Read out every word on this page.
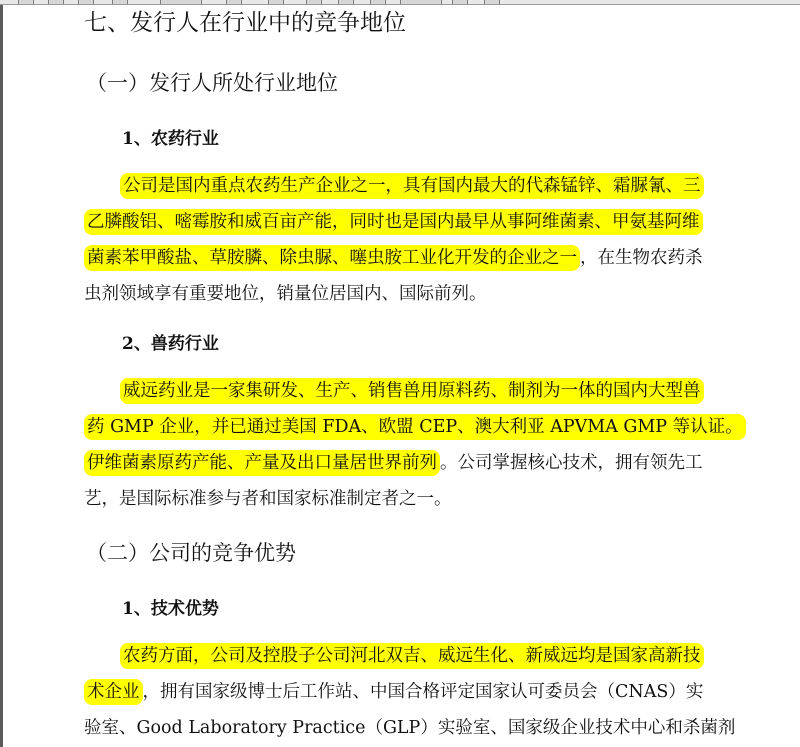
七、发行人在行业中的竞争地位
（一）发行人所处行业地位
1、农药行业
公司是国内重点农药生产企业之一，具有国内最大的代森锰锌、霜脲氰、三
乙膦酸铝、嘧霉胺和威百亩产能，同时也是国内最早从事阿维菌素、甲氨基阿维
菌素苯甲酸盐、草胺膦、除虫脲、噻虫胺工业化开发的企业之一 ，在生物农药杀
虫剂领域享有重要地位，销量位居国内、国际前列。
2、兽药行业
威远药业是一家集研发、生产、销售兽用原料药、制剂为一体的国内大型兽
药 GMP 企业，并已通过美国 FDA、欧盟 CEP、澳大利亚 APVMA GMP 等认证。
伊维菌素原药产能、产量及出口量居世界前列 。公司掌握核心技术，拥有领先工
艺，是国际标准参与者和国家标准制定者之一。
（二）公司的竞争优势
1、技术优势
农药方面，公司及控股子公司河北双吉、威远生化、新威远均是国家高新技
术企业 ，拥有国家级博士后工作站、中国合格评定国家认可委员会（CNAS）实
验室、Good Laboratory Practice（GLP）实验室、国家级企业技术中心和杀菌剂
